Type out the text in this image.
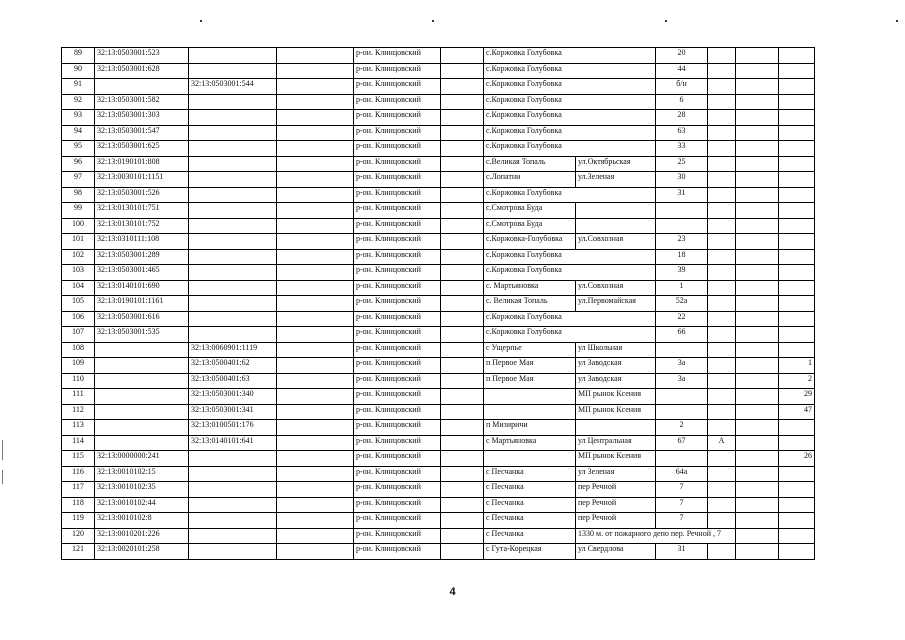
89	32:13:0503001:523			р-он. Клинцовский		с.Коржовка Голубовка		20			
90	32:13:0503001:628			р-он. Клинцовский		с.Коржовка Голубовка		44			
91		32:13:0503001:544		р-он. Клинцовский		с.Коржовка Голубовка		б/н			
92	32:13:0503001:582			р-он. Клинцовский		с.Коржовка Голубовка		6			
93	32:13:0503001:303			р-он. Клинцовский		с.Коржовка Голубовка		28			
94	32:13:0503001:547			р-он. Клинцовский		с.Коржовка Голубовка		63			
95	32:13:0503001:625			р-он. Клинцовский		с.Коржовка Голубовка		33			
96	32:13:0190101:808			р-он. Клинцовский		с.Великая Топаль	ул.Октябрьская	25			
97	32:13:0030101:1151			р-он. Клинцовский		с.Лопатни	ул.Зеленая	30			
98	32:13:0503001:526			р-он. Клинцовский		с.Коржовка Голубовка		31			
99	32:13:0130101:751			р-он. Клинцовский		с.Смотрова Буда					
100	32:13:0130101:752			р-он. Клинцовский		с.Смотрова Буда					
101	32:13:0310111:108			р-он. Клинцовский		с.Коржовка-Голубовка	ул.Совхозная	23			
102	32:13:0503001:289			р-он. Клинцовский		с.Коржовка Голубовка		18			
103	32:13:0503001:465			р-он. Клинцовский		с.Коржовка Голубовка		39			
104	32:13:0140101:690			р-он. Клинцовский		с. Мартьяновка	ул.Совхозная	1			
105	32:13:0190101:1161			р-он. Клинцовский		с. Великая Топаль	ул.Первомайская	52а			
106	32:13:0503001:616			р-он. Клинцовский		с.Коржовка Голубовка		22			
107	32:13:0503001:535			р-он. Клинцовский		с.Коржовка Голубовка		66			
108		32:13:0060901:1119		р-он. Клинцовский		с Ущерпье	ул Школьная				
109		32:13:0500401:62		р-он. Клинцовский		п Первое Мая	ул Заводская	3а			1
110		32:13:0500401:63		р-он. Клинцовский		п Первое Мая	ул Заводская	3а			2
111		32:13:0503001:340		р-он. Клинцовский			МП рынок Ксения				29
112		32:13:0503001:341		р-он. Клинцовский			МП рынок Ксения				47
113		32:13:0100501:176		р-он. Клинцовский		п Мизиричи		2			
114		32:13:0140101:641		р-он. Клинцовский		с Мартьяновка	ул Центральная	67	А		
115	32:13:0000000:241			р-он. Клинцовский			МП рынок Ксения				26
116	32:13:0010102:15			р-он. Клинцовский		с Песчанка	ул Зеленая	64а			
117	32:13:0010102:35			р-он. Клинцовский		с Песчанка	пер Речной	7			
118	32:13:0010102:44			р-он. Клинцовский		с Песчанка	пер Речной	7			
119	32:13:0010102:8			р-он. Клинцовский		с Песчанка	пер Речной	7			
120	32:13:0010201:226			р-он. Клинцовский		с Песчанка	1330 м. от пожарного депо пер. Речной , 7				
121	32:13:0020101:258			р-он. Клинцовский		с Гута-Корецкая	ул Свердлова	31			
4
